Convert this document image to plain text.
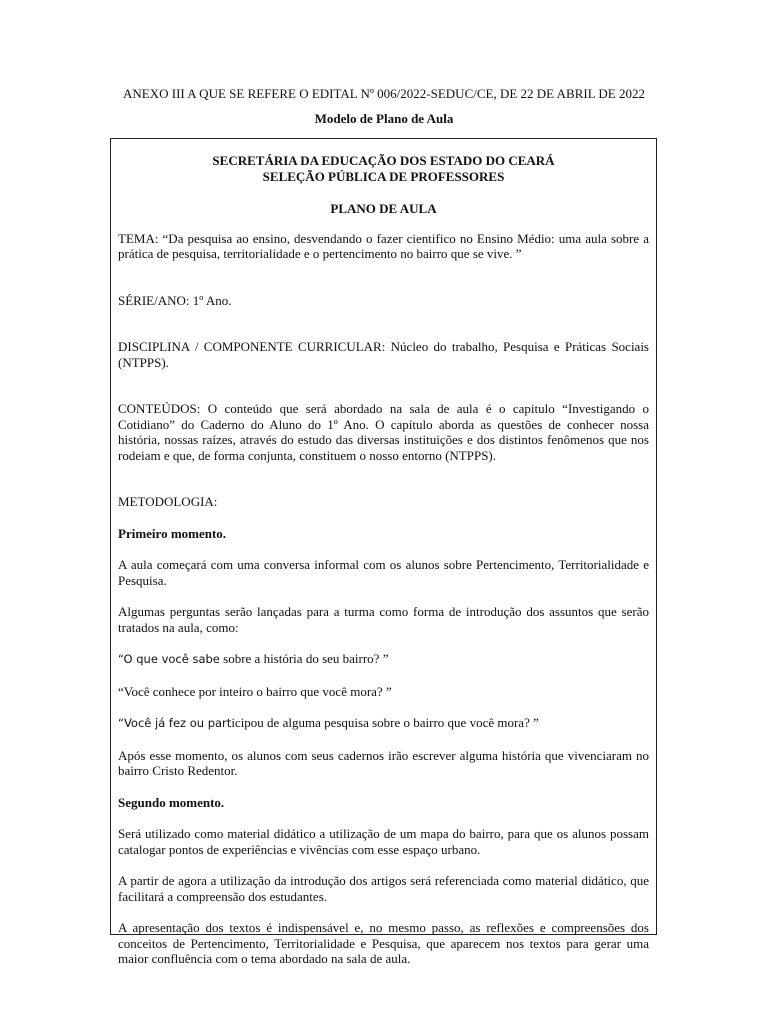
ANEXO III A QUE SE REFERE O EDITAL Nº 006/2022-SEDUC/CE, DE 22 DE ABRIL DE 2022
Modelo de Plano de Aula
SECRETÁRIA DA EDUCAÇÃO DOS ESTADO DO CEARÁ
SELEÇÃO PÚBLICA DE PROFESSORES
PLANO DE AULA

TEMA: “Da pesquisa ao ensino, desvendando o fazer cientifico no Ensino Médio: uma aula sobre a prática de pesquisa, territorialidade e o pertencimento no bairro que se vive. ”

SÉRIE/ANO: 1º Ano.

DISCIPLINA / COMPONENTE CURRICULAR: Núcleo do trabalho, Pesquisa e Práticas Sociais (NTPPS).

CONTEÚDOS: O conteúdo que será abordado na sala de aula é o capitulo “Investigando o Cotidiano” do Caderno do Aluno do 1º Ano. O capítulo aborda as questões de conhecer nossa história, nossas raízes, através do estudo das diversas instituições e dos distintos fenômenos que nos rodeiam e que, de forma conjunta, constituem o nosso entorno (NTPPS).

METODOLOGIA:

Primeiro momento.

A aula começará com uma conversa informal com os alunos sobre Pertencimento, Territorialidade e Pesquisa.

Algumas perguntas serão lançadas para a turma como forma de introdução dos assuntos que serão tratados na aula, como:

“O que você sabe sobre a história do seu bairro? ”

“Você conhece por inteiro o bairro que você mora? ”

“Você já fez ou participou de alguma pesquisa sobre o bairro que você mora? ”

Após esse momento, os alunos com seus cadernos irão escrever alguma história que vivenciaram no bairro Cristo Redentor.

Segundo momento.

Será utilizado como material didático a utilização de um mapa do bairro, para que os alunos possam catalogar pontos de experiências e vivências com esse espaço urbano.

A partir de agora a utilização da introdução dos artigos será referenciada como material didático, que facilitará a compreensão dos estudantes.

A apresentação dos textos é indispensável e, no mesmo passo, as reflexões e compreensões dos conceitos de Pertencimento, Territorialidade e Pesquisa, que aparecem nos textos para gerar uma maior confluência com o tema abordado na sala de aula.
